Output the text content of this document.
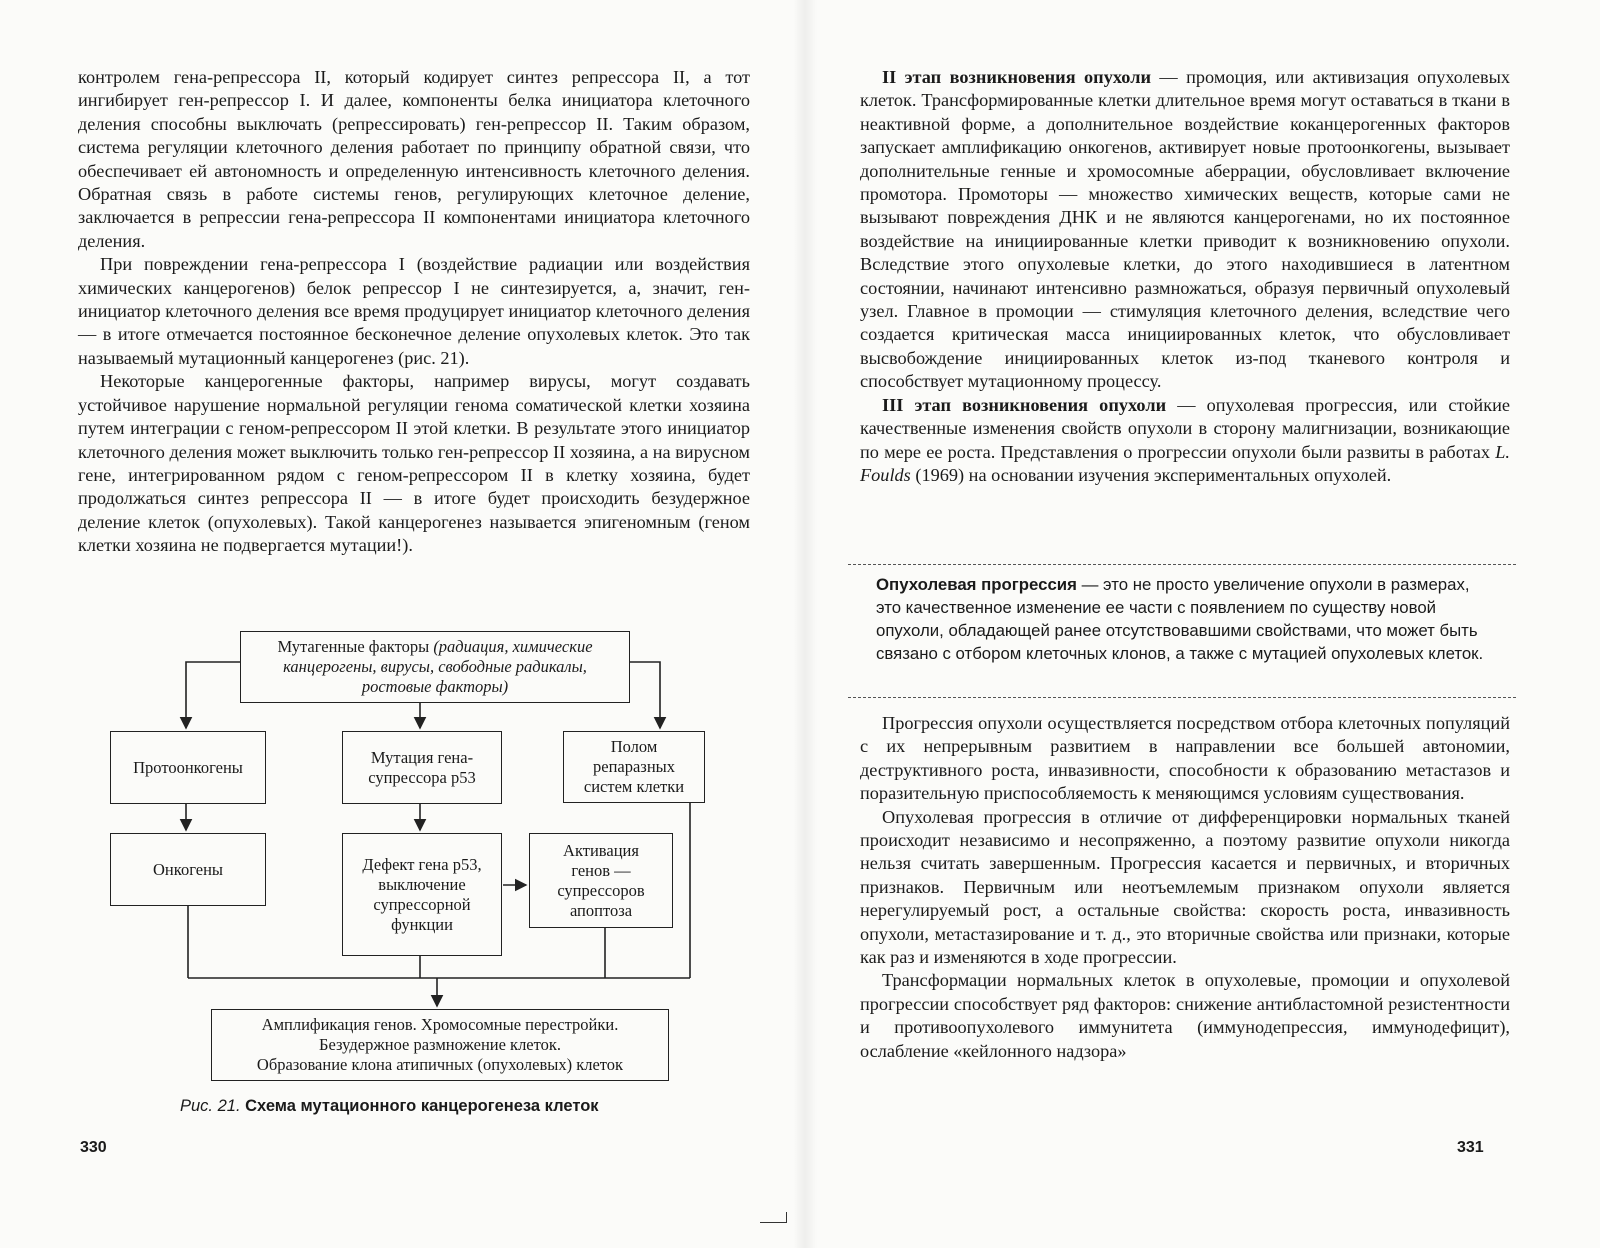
контролем гена-репрессора II, который кодирует синтез репрессора II, а тот ингибирует ген-репрессор I. И далее, компоненты белка инициатора клеточного деления способны выключать (репрессировать) ген-репрессор II. Таким образом, система регуляции клеточного деления работает по принципу обратной связи, что обеспечивает ей автономность и определенную интенсивность клеточного деления. Обратная связь в работе системы генов, регулирующих клеточное деление, заключается в репрессии гена-репрессора II компонентами инициатора клеточного деления.

При повреждении гена-репрессора I (воздействие радиации или воздействия химических канцерогенов) белок репрессор I не синтезируется, а, значит, ген-инициатор клеточного деления все время продуцирует инициатор клеточного деления — в итоге отмечается постоянное бесконечное деление опухолевых клеток. Это так называемый мутационный канцерогенез (рис. 21).

Некоторые канцерогенные факторы, например вирусы, могут создавать устойчивое нарушение нормальной регуляции генома соматической клетки хозяина путем интеграции с геном-репрессором II этой клетки. В результате этого инициатор клеточного деления может выключить только ген-репрессор II хозяина, а на вирусном гене, интегрированном рядом с геном-репрессором II в клетку хозяина, будет продолжаться синтез репрессора II — в итоге будет происходить безудержное деление клеток (опухолевых). Такой канцерогенез называется эпигеномным (геном клетки хозяина не подвергается мутации!).

Мутагенные факторы (радиация, химические канцерогены, вирусы, свободные радикалы, ростовые факторы)
Протоонкогены
Мутация гена-супрессора p53
Полом репаразных систем клетки
Онкогены	Дефект гена p53, выключение супрессорной функции
Активация генов — супрессоров апоптоза
Амплификация генов. Хромосомные перестройки.
Безудержное размножение клеток.
Образование клона атипичных (опухолевых) клеток
Рис. 21. Схема мутационного канцерогенеза клеток
330

II этап возникновения опухоли — промоция, или активизация опухолевых клеток. Трансформированные клетки длительное время могут оставаться в ткани в неактивной форме, а дополнительное воздействие коканцерогенных факторов запускает амплификацию онкогенов, активирует новые протоонкогены, вызывает дополнительные генные и хромосомные аберрации, обусловливает включение промотора. Промоторы — множество химических веществ, которые сами не вызывают повреждения ДНК и не являются канцерогенами, но их постоянное воздействие на инициированные клетки приводит к возникновению опухоли. Вследствие этого опухолевые клетки, до этого находившиеся в латентном состоянии, начинают интенсивно размножаться, образуя первичный опухолевый узел. Главное в промоции — стимуляция клеточного деления, вследствие чего создается критическая масса инициированных клеток, что обусловливает высвобождение инициированных клеток из-под тканевого контроля и способствует мутационному процессу.

III этап возникновения опухоли — опухолевая прогрессия, или стойкие качественные изменения свойств опухоли в сторону малигнизации, возникающие по мере ее роста. Представления о прогрессии опухоли были развиты в работах L. Foulds (1969) на основании изучения экспериментальных опухолей.

Опухолевая прогрессия — это не просто увеличение опухоли в размерах, это качественное изменение ее части с появлением по существу новой опухоли, обладающей ранее отсутствовавшими свойствами, что может быть связано с отбором клеточных клонов, а также с мутацией опухолевых клеток.

Прогрессия опухоли осуществляется посредством отбора клеточных популяций с их непрерывным развитием в направлении все большей автономии, деструктивного роста, инвазивности, способности к образованию метастазов и поразительную приспособляемость к меняющимся условиям существования.

Опухолевая прогрессия в отличие от дифференцировки нормальных тканей происходит независимо и несопряженно, а поэтому развитие опухоли никогда нельзя считать завершенным. Прогрессия касается и первичных, и вторичных признаков. Первичным или неотъемлемым признаком опухоли является нерегулируемый рост, а остальные свойства: скорость роста, инвазивность опухоли, метастазирование и т. д., это вторичные свойства или признаки, которые как раз и изменяются в ходе прогрессии.

Трансформации нормальных клеток в опухолевые, промоции и опухолевой прогрессии способствует ряд факторов: снижение антибластомной резистентности и противоопухолевого иммунитета (иммунодепрессия, иммунодефицит), ослабление «кейлонного надзора»

331
